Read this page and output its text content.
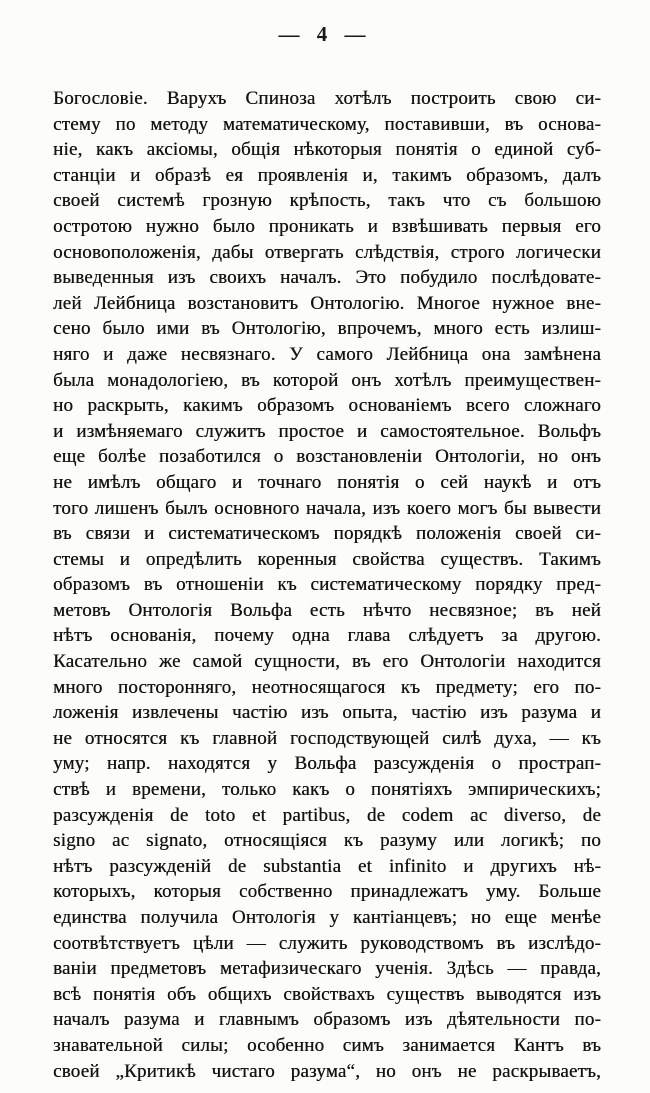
— 4 —
Богословіе. Варухъ Спиноза хотѣлъ построить свою си-
стему по методу математическому, поставивши, въ основа-
ніе, какъ аксіомы, общія нѣкоторыя понятія о единой суб-
станціи и образѣ ея проявленія и, такимъ образомъ, далъ
своей системѣ грозную крѣпость, такъ что съ большою
остротою нужно было проникать и взвѣшивать первыя его
основоположенія, дабы отвергать слѣдствія, строго логически
выведенныя изъ своихъ началъ. Это побудило послѣдовате-
лей Лейбница возстановитъ Онтологію. Многое нужное вне-
сено было ими въ Онтологію, впрочемъ, много есть излиш-
няго и даже несвязнаго. У самого Лейбница она замѣнена
была монадологіею, въ которой онъ хотѣлъ преимуществен-
но раскрыть, какимъ образомъ основаніемъ всего сложнаго
и измѣняемаго служитъ простое и самостоятельное. Вольфъ
еще болѣе позаботился о возстановленіи Онтологіи, но онъ
не имѣлъ общаго и точнаго понятія о сей наукѣ и отъ
того лишенъ былъ основного начала, изъ коего могъ бы вывести
въ связи и систематическомъ порядкѣ положенія своей си-
стемы и опредѣлить коренныя свойства существъ. Такимъ
образомъ въ отношеніи къ систематическому порядку пред-
метовъ Онтологія Вольфа есть нѣчто несвязное; въ ней
нѣтъ основанія, почему одна глава слѣдуетъ за другою.
Касательно же самой сущности, въ его Онтологіи находится
много посторонняго, неотносящагося къ предмету; его по-
ложенія извлечены частію изъ опыта, частію изъ разума и
не относятся къ главной господствующей силѣ духа, — къ
уму; напр. находятся у Вольфа разсужденія о прострап-
ствѣ и времени, только какъ о понятіяхъ эмпирическихъ;
разсужденія de toto et partibus, de codem ac diverso, de
signo ac signato, относящіяся къ разуму или логикѣ; по
нѣтъ разсужденій de substantia et infinito и другихъ нѣ-
которыхъ, которыя собственно принадлежатъ уму. Больше
единства получила Онтологія у кантіанцевъ; но еще менѣе
соотвѣтствуетъ цѣли — служить руководствомъ въ изслѣдо-
ваніи предметовъ метафизическаго ученія. Здѣсь — правда,
всѣ понятія объ общихъ свойствахъ существъ выводятся изъ
началъ разума и главнымъ образомъ изъ дѣятельности по-
знавательной силы; особенно симъ занимается Кантъ въ
своей „Критикѣ чистаго разума“, но онъ не раскрываетъ,
